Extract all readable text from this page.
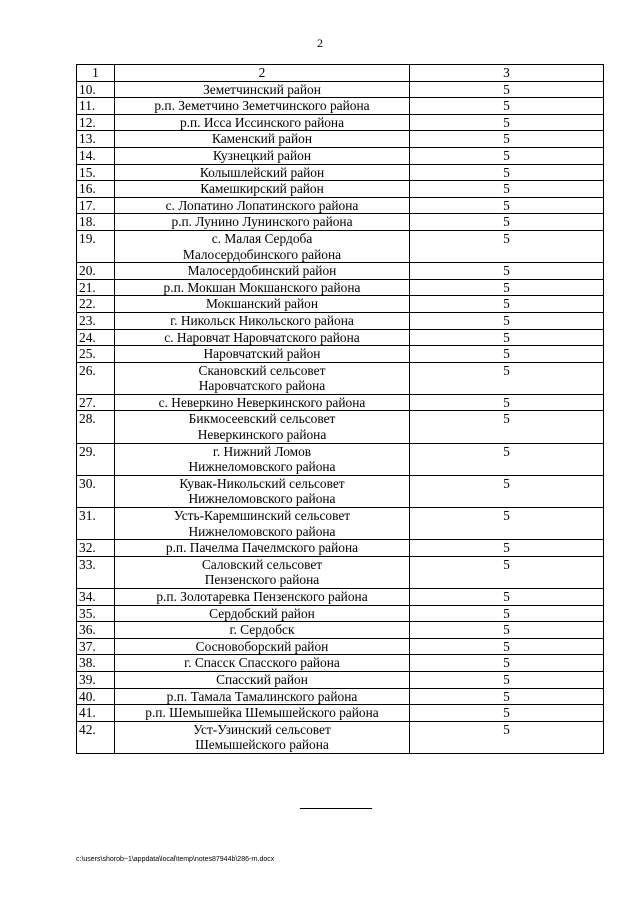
2
1	2	3
10.	Земетчинский район	5
11.	р.п. Земетчино Земетчинского района	5
12.	р.п. Исса Иссинского района	5
13.	Каменский район	5
14.	Кузнецкий район	5
15.	Колышлейский район	5
16.	Камешкирский район	5
17.	с. Лопатино Лопатинского района	5
18.	р.п. Лунино Лунинского района	5
19.	с. Малая Сердоба
Малосердобинского района	5
20.	Малосердобинский район	5
21.	р.п. Мокшан Мокшанского района	5
22.	Мокшанский район	5
23.	г. Никольск Никольского района	5
24.	с. Наровчат Наровчатского района	5
25.	Наровчатский район	5
26.	Скановский сельсовет
Наровчатского района	5
27.	с. Неверкино Неверкинского района	5
28.	Бикмосеевский сельсовет
Неверкинского района	5
29.	г. Нижний Ломов
Нижнеломовского района	5
30.	Кувак-Никольский сельсовет
Нижнеломовского района	5
31.	Усть-Каремшинский сельсовет
Нижнеломовского района	5
32.	р.п. Пачелма Пачелмского района	5
33.	Саловский сельсовет
Пензенского района	5
34.	р.п. Золотаревка Пензенского района	5
35.	Сердобский район	5
36.	г. Сердобск	5
37.	Сосновоборский район	5
38.	г. Спасск Спасского района	5
39.	Спасский район	5
40.	р.п. Тамала Тамалинского района	5
41.	р.п. Шемышейка Шемышейского района	5
42.	Уст-Узинский сельсовет
Шемышейского района	5
c:\users\shorob~1\appdata\local\temp\notes87944b\286-rn.docx
